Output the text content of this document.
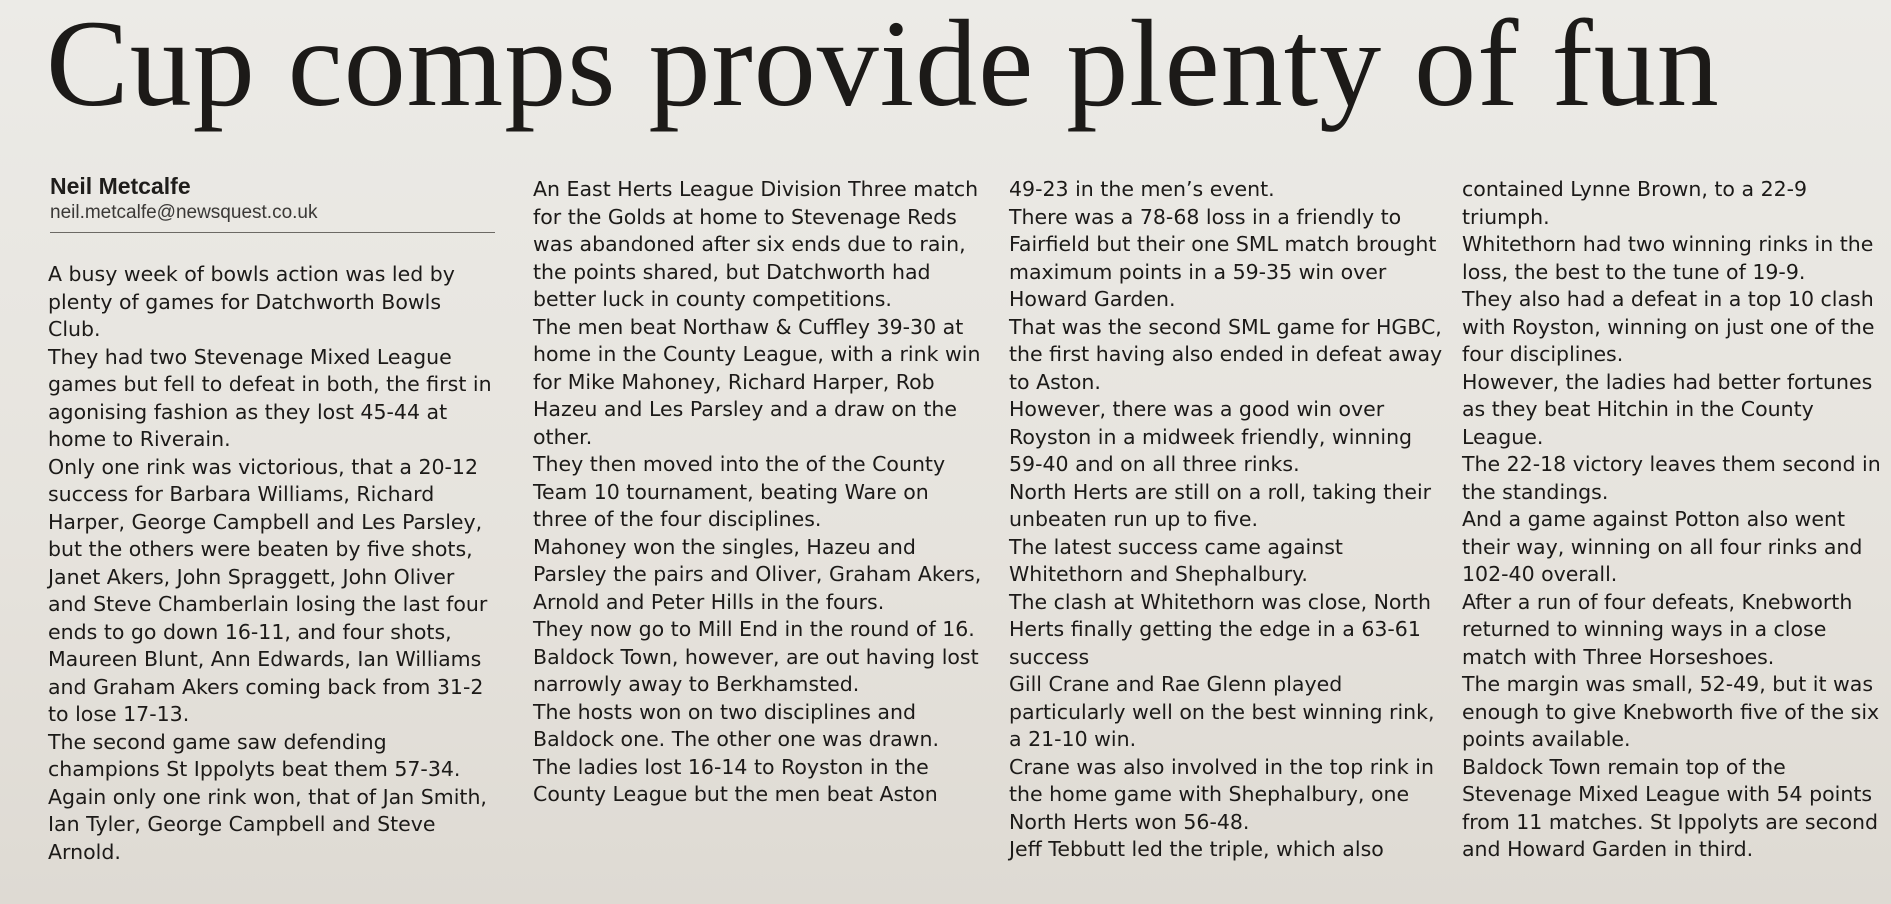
Cup comps provide plenty of fun
Neil Metcalfe
neil.metcalfe@newsquest.co.uk

A busy week of bowls action was led by plenty of games for Datchworth Bowls Club.

They had two Stevenage Mixed League games but fell to defeat in both, the first in agonising fashion as they lost 45-44 at home to Riverain.

Only one rink was victorious, that a 20-12 success for Barbara Williams, Richard Harper, George Campbell and Les Parsley, but the others were beaten by five shots, Janet Akers, John Spraggett, John Oliver and Steve Chamberlain losing the last four ends to go down 16-11, and four shots, Maureen Blunt, Ann Edwards, Ian Williams and Graham Akers coming back from 31-2 to lose 17-13.

The second game saw defending champions St Ippolyts beat them 57-34.

Again only one rink won, that of Jan Smith, Ian Tyler, George Campbell and Steve Arnold.

An East Herts League Division Three match for the Golds at home to Stevenage Reds was abandoned after six ends due to rain, the points shared, but Datchworth had better luck in county competitions.

The men beat Northaw & Cuffley 39-30 at home in the County League, with a rink win for Mike Mahoney, Richard Harper, Rob Hazeu and Les Parsley and a draw on the other.

They then moved into the of the County Team 10 tournament, beating Ware on three of the four disciplines.

Mahoney won the singles, Hazeu and Parsley the pairs and Oliver, Graham Akers, Arnold and Peter Hills in the fours.

They now go to Mill End in the round of 16.

Baldock Town, however, are out having lost narrowly away to Berkhamsted.

The hosts won on two disciplines and Baldock one. The other one was drawn.

The ladies lost 16-14 to Royston in the County League but the men beat Aston

49-23 in the men’s event.

There was a 78-68 loss in a friendly to Fairfield but their one SML match brought maximum points in a 59-35 win over Howard Garden.

That was the second SML game for HGBC, the first having also ended in defeat away to Aston.

However, there was a good win over Royston in a midweek friendly, winning 59-40 and on all three rinks.

North Herts are still on a roll, taking their unbeaten run up to five.

The latest success came against Whitethorn and Shephalbury.

The clash at Whitethorn was close, North Herts finally getting the edge in a 63-61 success

Gill Crane and Rae Glenn played particularly well on the best winning rink, a 21-10 win.

Crane was also involved in the top rink in the home game with Shephalbury, one North Herts won 56-48.

Jeff Tebbutt led the triple, which also

contained Lynne Brown, to a 22-9 triumph.

Whitethorn had two winning rinks in the loss, the best to the tune of 19-9.

They also had a defeat in a top 10 clash with Royston, winning on just one of the four disciplines.

However, the ladies had better fortunes as they beat Hitchin in the County League.

The 22-18 victory leaves them second in the standings.

And a game against Potton also went their way, winning on all four rinks and 102-40 overall.

After a run of four defeats, Knebworth returned to winning ways in a close match with Three Horseshoes.

The margin was small, 52-49, but it was enough to give Knebworth five of the six points available.

Baldock Town remain top of the Stevenage Mixed League with 54 points from 11 matches. St Ippolyts are second and Howard Garden in third.
